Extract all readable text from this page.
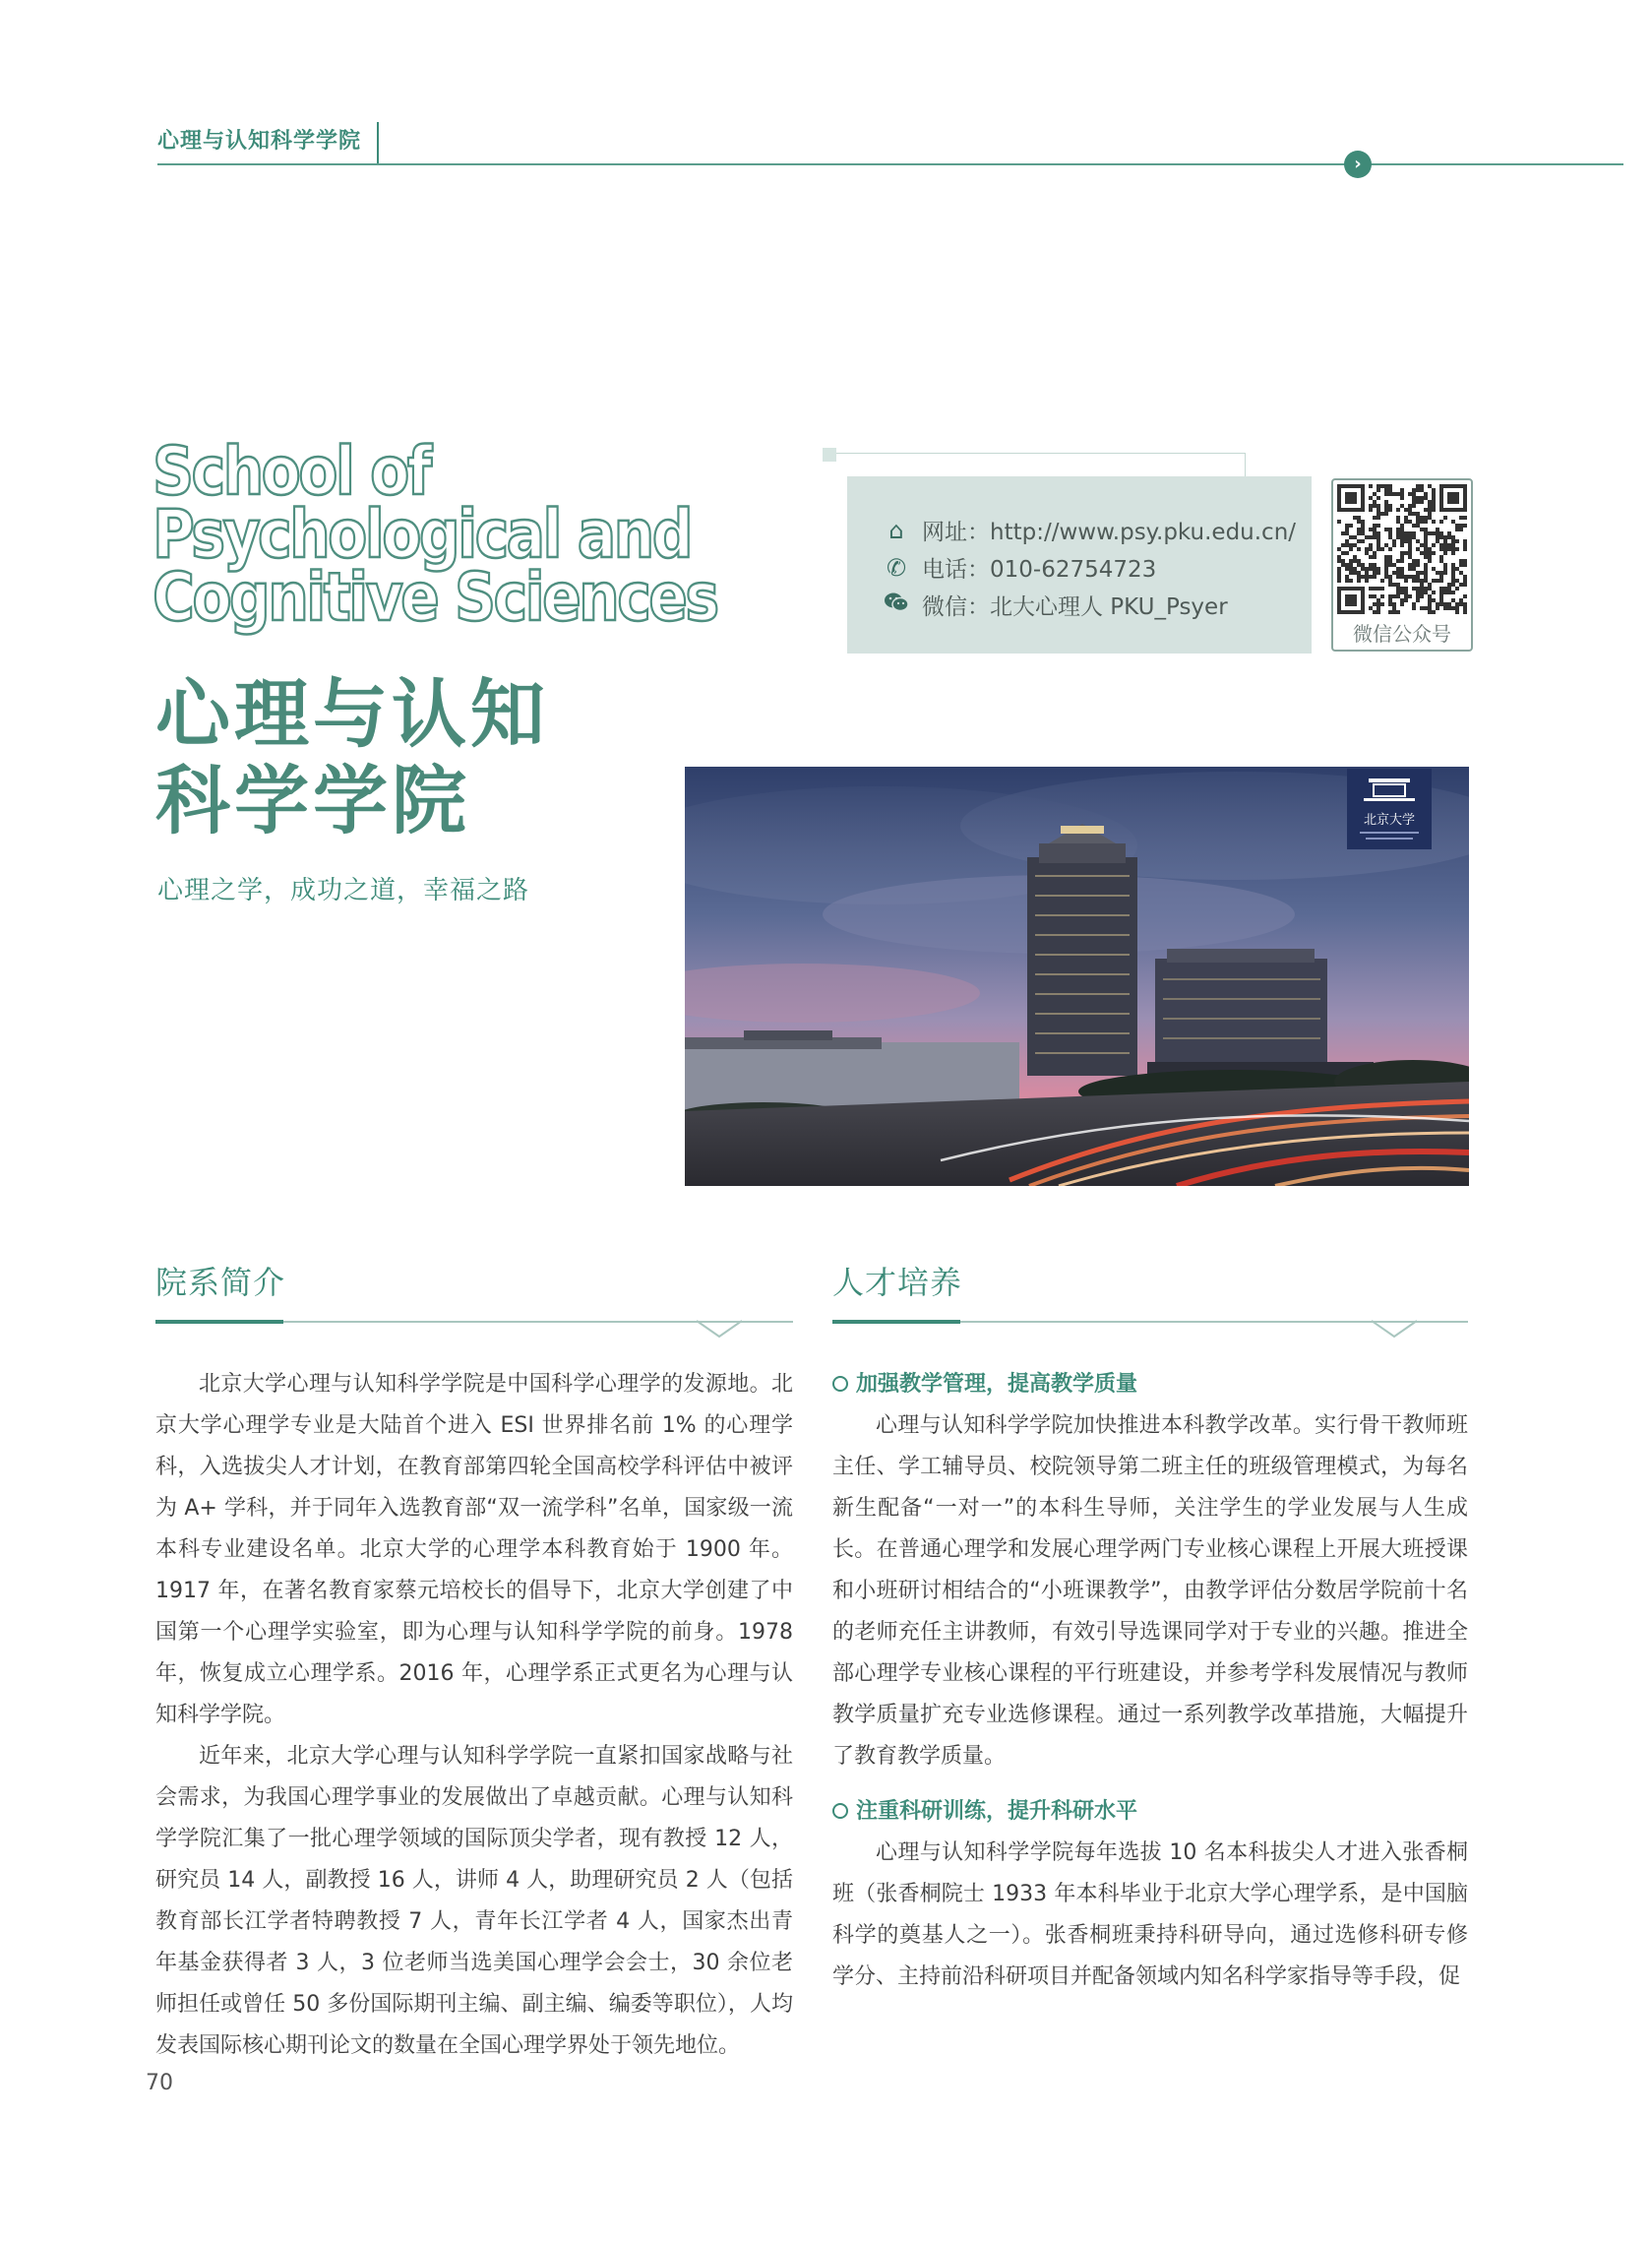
心理与认知科学学院
›
School of
Psychological and
Cognitive Sciences
心理与认知
科学学院
心理之学，成功之道，幸福之路
⌂ 网址：http://www.psy.pku.edu.cn/
✆ 电话：010-62754723
微信：北大心理人 PKU_Psyer
微信公众号
北京大学
院系简介	人才培养

北京大学心理与认知科学学院是中国科学心理学的发源地。北京大学心理学专业是大陆首个进入 ESI 世界排名前 1% 的心理学科，入选拔尖人才计划，在教育部第四轮全国高校学科评估中被评为 A+ 学科，并于同年入选教育部“双一流学科”名单，国家级一流本科专业建设名单。北京大学的心理学本科教育始于 1900 年。1917 年，在著名教育家蔡元培校长的倡导下，北京大学创建了中国第一个心理学实验室，即为心理与认知科学学院的前身。1978 年，恢复成立心理学系。2016 年，心理学系正式更名为心理与认知科学学院。

近年来，北京大学心理与认知科学学院一直紧扣国家战略与社会需求，为我国心理学事业的发展做出了卓越贡献。心理与认知科学学院汇集了一批心理学领域的国际顶尖学者，现有教授 12 人，研究员 14 人，副教授 16 人，讲师 4 人，助理研究员 2 人（包括教育部长江学者特聘教授 7 人，青年长江学者 4 人，国家杰出青年基金获得者 3 人，3 位老师当选美国心理学会会士，30 余位老师担任或曾任 50 多份国际期刊主编、副主编、编委等职位），人均发表国际核心期刊论文的数量在全国心理学界处于领先地位。

加强教学管理，提高教学质量

心理与认知科学学院加快推进本科教学改革。实行骨干教师班主任、学工辅导员、校院领导第二班主任的班级管理模式，为每名新生配备“一对一”的本科生导师，关注学生的学业发展与人生成长。在普通心理学和发展心理学两门专业核心课程上开展大班授课和小班研讨相结合的“小班课教学”，由教学评估分数居学院前十名的老师充任主讲教师，有效引导选课同学对于专业的兴趣。推进全部心理学专业核心课程的平行班建设，并参考学科发展情况与教师教学质量扩充专业选修课程。通过一系列教学改革措施，大幅提升了教育教学质量。

注重科研训练，提升科研水平

心理与认知科学学院每年选拔 10 名本科拔尖人才进入张香桐班（张香桐院士 1933 年本科毕业于北京大学心理学系，是中国脑科学的奠基人之一）。张香桐班秉持科研导向，通过选修科研专修学分、主持前沿科研项目并配备领域内知名科学家指导等手段，促

70
